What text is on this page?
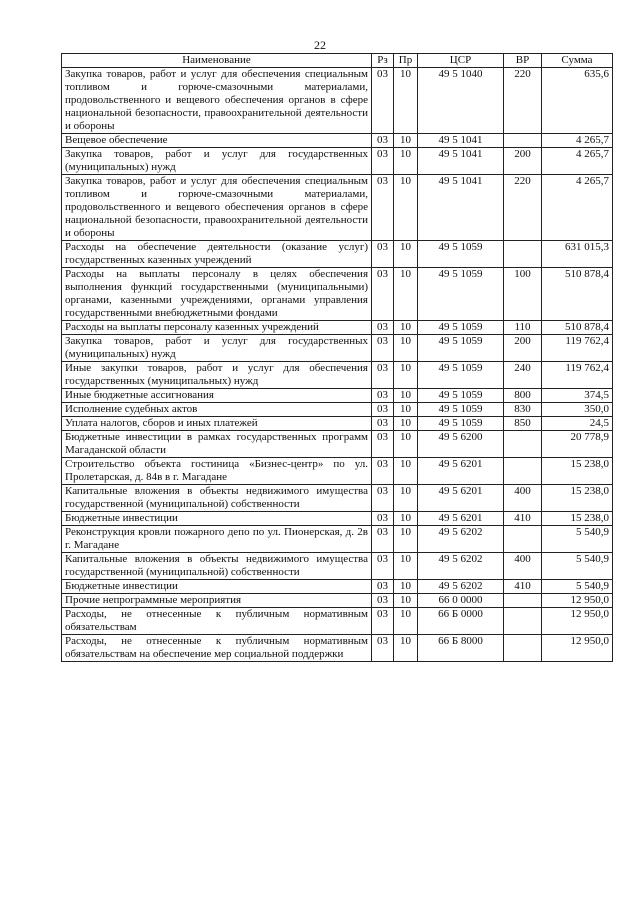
22
Наименование	Рз	Пр	ЦСР	ВР	Сумма
Закупка товаров, работ и услуг для обеспечения специальным топливом и горюче-смазочными материалами, продовольственного и вещевого обеспечения органов в сфере национальной безопасности, правоохранительной деятельности и обороны	03	10	49 5 1040	220	635,6
Вещевое обеспечение	03	10	49 5 1041		4 265,7
Закупка товаров, работ и услуг для государственных (муниципальных) нужд	03	10	49 5 1041	200	4 265,7
Закупка товаров, работ и услуг для обеспечения специальным топливом и горюче-смазочными материалами, продовольственного и вещевого обеспечения органов в сфере национальной безопасности, правоохранительной деятельности и обороны	03	10	49 5 1041	220	4 265,7
Расходы на обеспечение деятельности (оказание услуг) государственных казенных учреждений	03	10	49 5 1059		631 015,3
Расходы на выплаты персоналу в целях обеспечения выполнения функций государственными (муниципальными) органами, казенными учреждениями, органами управления государственными внебюджетными фондами	03	10	49 5 1059	100	510 878,4
Расходы на выплаты персоналу казенных учреждений	03	10	49 5 1059	110	510 878,4
Закупка товаров, работ и услуг для государственных (муниципальных) нужд	03	10	49 5 1059	200	119 762,4
Иные закупки товаров, работ и услуг для обеспечения государственных (муниципальных) нужд	03	10	49 5 1059	240	119 762,4
Иные бюджетные ассигнования	03	10	49 5 1059	800	374,5
Исполнение судебных актов	03	10	49 5 1059	830	350,0
Уплата налогов, сборов и иных платежей	03	10	49 5 1059	850	24,5
Бюджетные инвестиции в рамках государственных программ Магаданской области	03	10	49 5 6200		20 778,9
Строительство объекта гостиница «Бизнес-центр» по ул. Пролетарская, д. 84в в г. Магадане	03	10	49 5 6201		15 238,0
Капитальные вложения в объекты недвижимого имущества государственной (муниципальной) собственности	03	10	49 5 6201	400	15 238,0
Бюджетные инвестиции	03	10	49 5 6201	410	15 238,0
Реконструкция кровли пожарного депо по ул. Пионерская, д. 2в г. Магадане	03	10	49 5 6202		5 540,9
Капитальные вложения в объекты недвижимого имущества государственной (муниципальной) собственности	03	10	49 5 6202	400	5 540,9
Бюджетные инвестиции	03	10	49 5 6202	410	5 540,9
Прочие непрограммные мероприятия	03	10	66 0 0000		12 950,0
Расходы, не отнесенные к публичным нормативным обязательствам	03	10	66 Б 0000		12 950,0
Расходы, не отнесенные к публичным нормативным обязательствам на обеспечение мер социальной поддержки	03	10	66 Б 8000		12 950,0
